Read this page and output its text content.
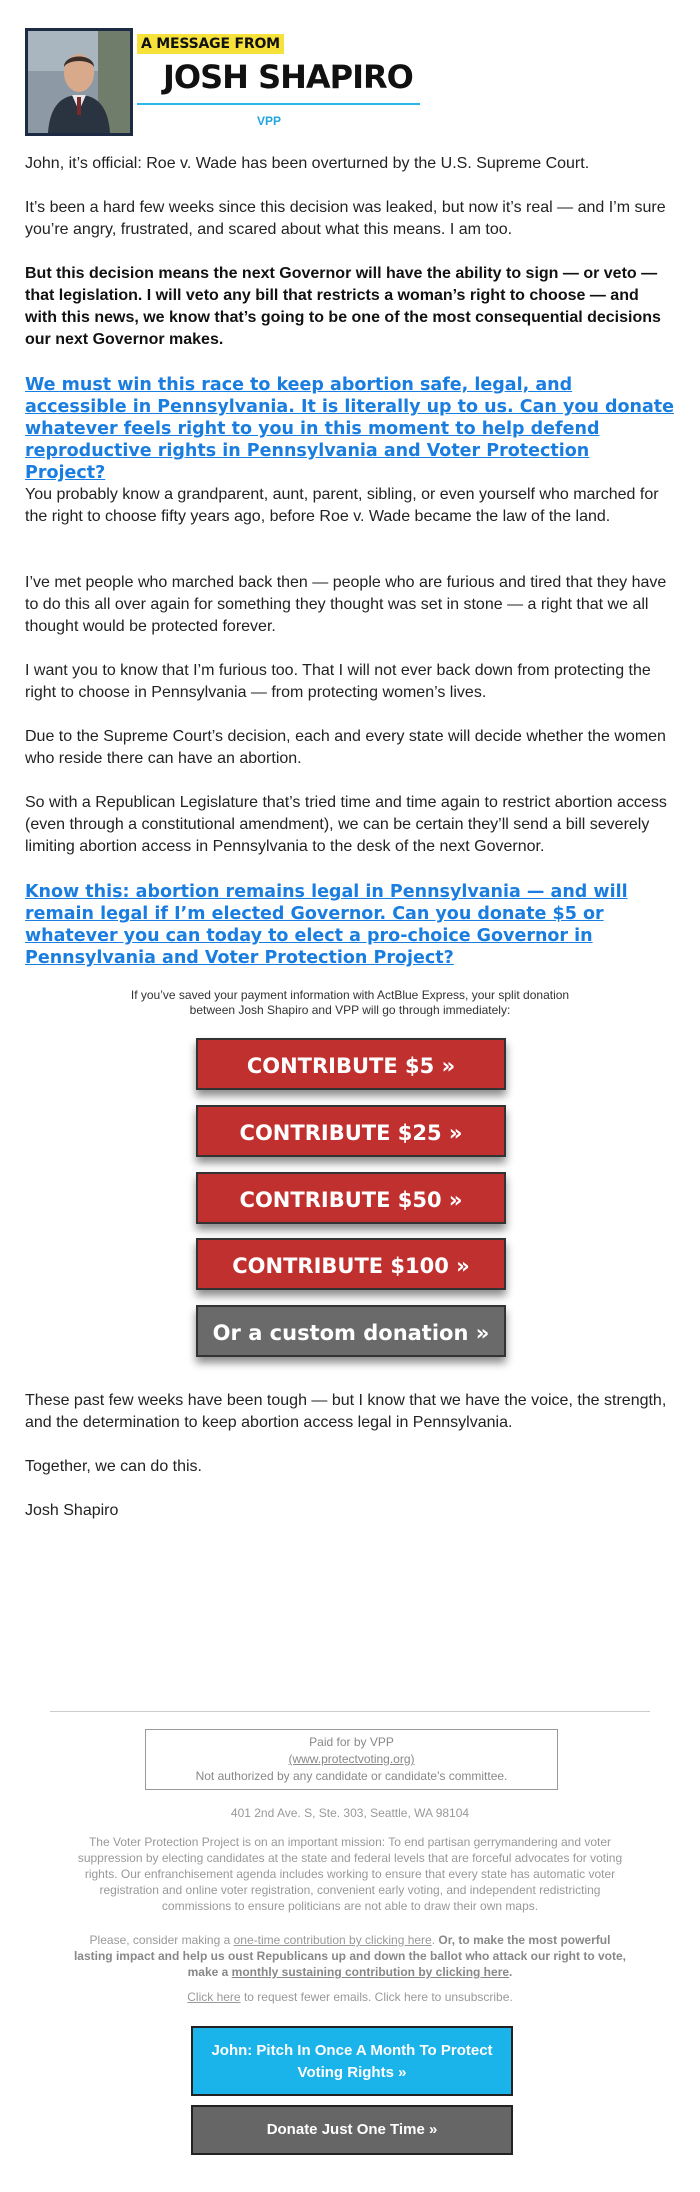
A MESSAGE FROM
JOSH SHAPIRO
VPP

John, it’s official: Roe v. Wade has been overturned by the U.S. Supreme Court.

It’s been a hard few weeks since this decision was leaked, but now it’s real — and I’m sure you’re angry, frustrated, and scared about what this means. I am too.

But this decision means the next Governor will have the ability to sign — or veto — that legislation. I will veto any bill that restricts a woman’s right to choose — and with this news, we know that’s going to be one of the most consequential decisions our next Governor makes.

We must win this race to keep abortion safe, legal, and accessible in Pennsylvania. It is literally up to us. Can you donate whatever feels right to you in this moment to help defend reproductive rights in Pennsylvania and Voter Protection Project?

You probably know a grandparent, aunt, parent, sibling, or even yourself who marched for the right to choose fifty years ago, before Roe v. Wade became the law of the land.

I’ve met people who marched back then — people who are furious and tired that they have to do this all over again for something they thought was set in stone — a right that we all thought would be protected forever.

I want you to know that I’m furious too. That I will not ever back down from protecting the right to choose in Pennsylvania — from protecting women’s lives.

Due to the Supreme Court’s decision, each and every state will decide whether the women who reside there can have an abortion.

So with a Republican Legislature that’s tried time and time again to restrict abortion access (even through a constitutional amendment), we can be certain they’ll send a bill severely limiting abortion access in Pennsylvania to the desk of the next Governor.

Know this: abortion remains legal in Pennsylvania — and will remain legal if I’m elected Governor. Can you donate $5 or whatever you can today to elect a pro-choice Governor in Pennsylvania and Voter Protection Project?

If you’ve saved your payment information with ActBlue Express, your split donation between Josh Shapiro and VPP will go through immediately:

CONTRIBUTE $5 »
CONTRIBUTE $25 »
CONTRIBUTE $50 »
CONTRIBUTE $100 »
Or a custom donation »

These past few weeks have been tough — but I know that we have the voice, the strength, and the determination to keep abortion access legal in Pennsylvania.

Together, we can do this.

Josh Shapiro

Paid for by VPP
(www.protectvoting.org)
Not authorized by any candidate or candidate's committee.
401 2nd Ave. S, Ste. 303, Seattle, WA 98104

The Voter Protection Project is on an important mission: To end partisan gerrymandering and voter suppression by electing candidates at the state and federal levels that are forceful advocates for voting rights. Our enfranchisement agenda includes working to ensure that every state has automatic voter registration and online voter registration, convenient early voting, and independent redistricting commissions to ensure politicians are not able to draw their own maps.

Please, consider making a one-time contribution by clicking here. Or, to make the most powerful lasting impact and help us oust Republicans up and down the ballot who attack our right to vote, make a monthly sustaining contribution by clicking here.

Click here to request fewer emails. Click here to unsubscribe.

John: Pitch In Once A Month To Protect Voting Rights »
Donate Just One Time »
